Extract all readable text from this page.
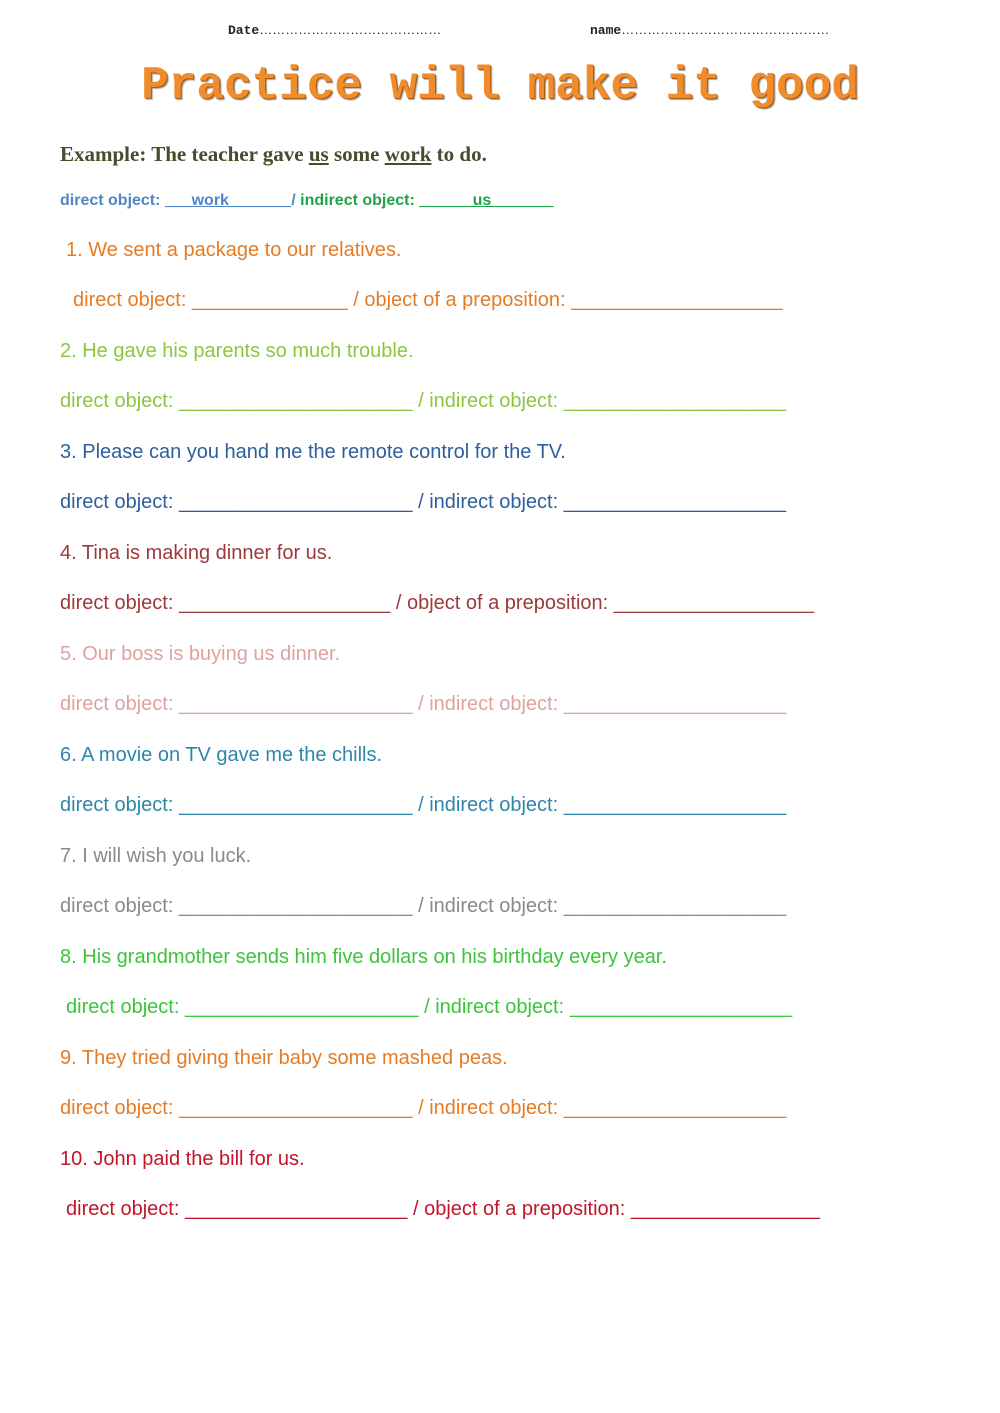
Date……………………………………	name…………………………………………
Practice will make it good
Example: The teacher gave us some work to do.
direct object: ___work_______/ indirect object: ______us_______
1. We sent a package to our relatives.
direct object: ______________ / object of a preposition: ___________________
2. He gave his parents so much trouble.
direct object: _____________________ / indirect object: ____________________
3. Please can you hand me the remote control for the TV.
direct object: _____________________ / indirect object: ____________________
4. Tina is making dinner for us.
direct object: ___________________ / object of a preposition: __________________
5. Our boss is buying us dinner.
direct object: _____________________ / indirect object: ____________________
6. A movie on TV gave me the chills.
direct object: _____________________ / indirect object: ____________________
7. I will wish you luck.
direct object: _____________________ / indirect object: ____________________
8. His grandmother sends him five dollars on his birthday every year.
direct object: _____________________ / indirect object: ____________________
9. They tried giving their baby some mashed peas.
direct object: _____________________ / indirect object: ____________________
10. John paid the bill for us.
direct object: ____________________ / object of a preposition: _________________
